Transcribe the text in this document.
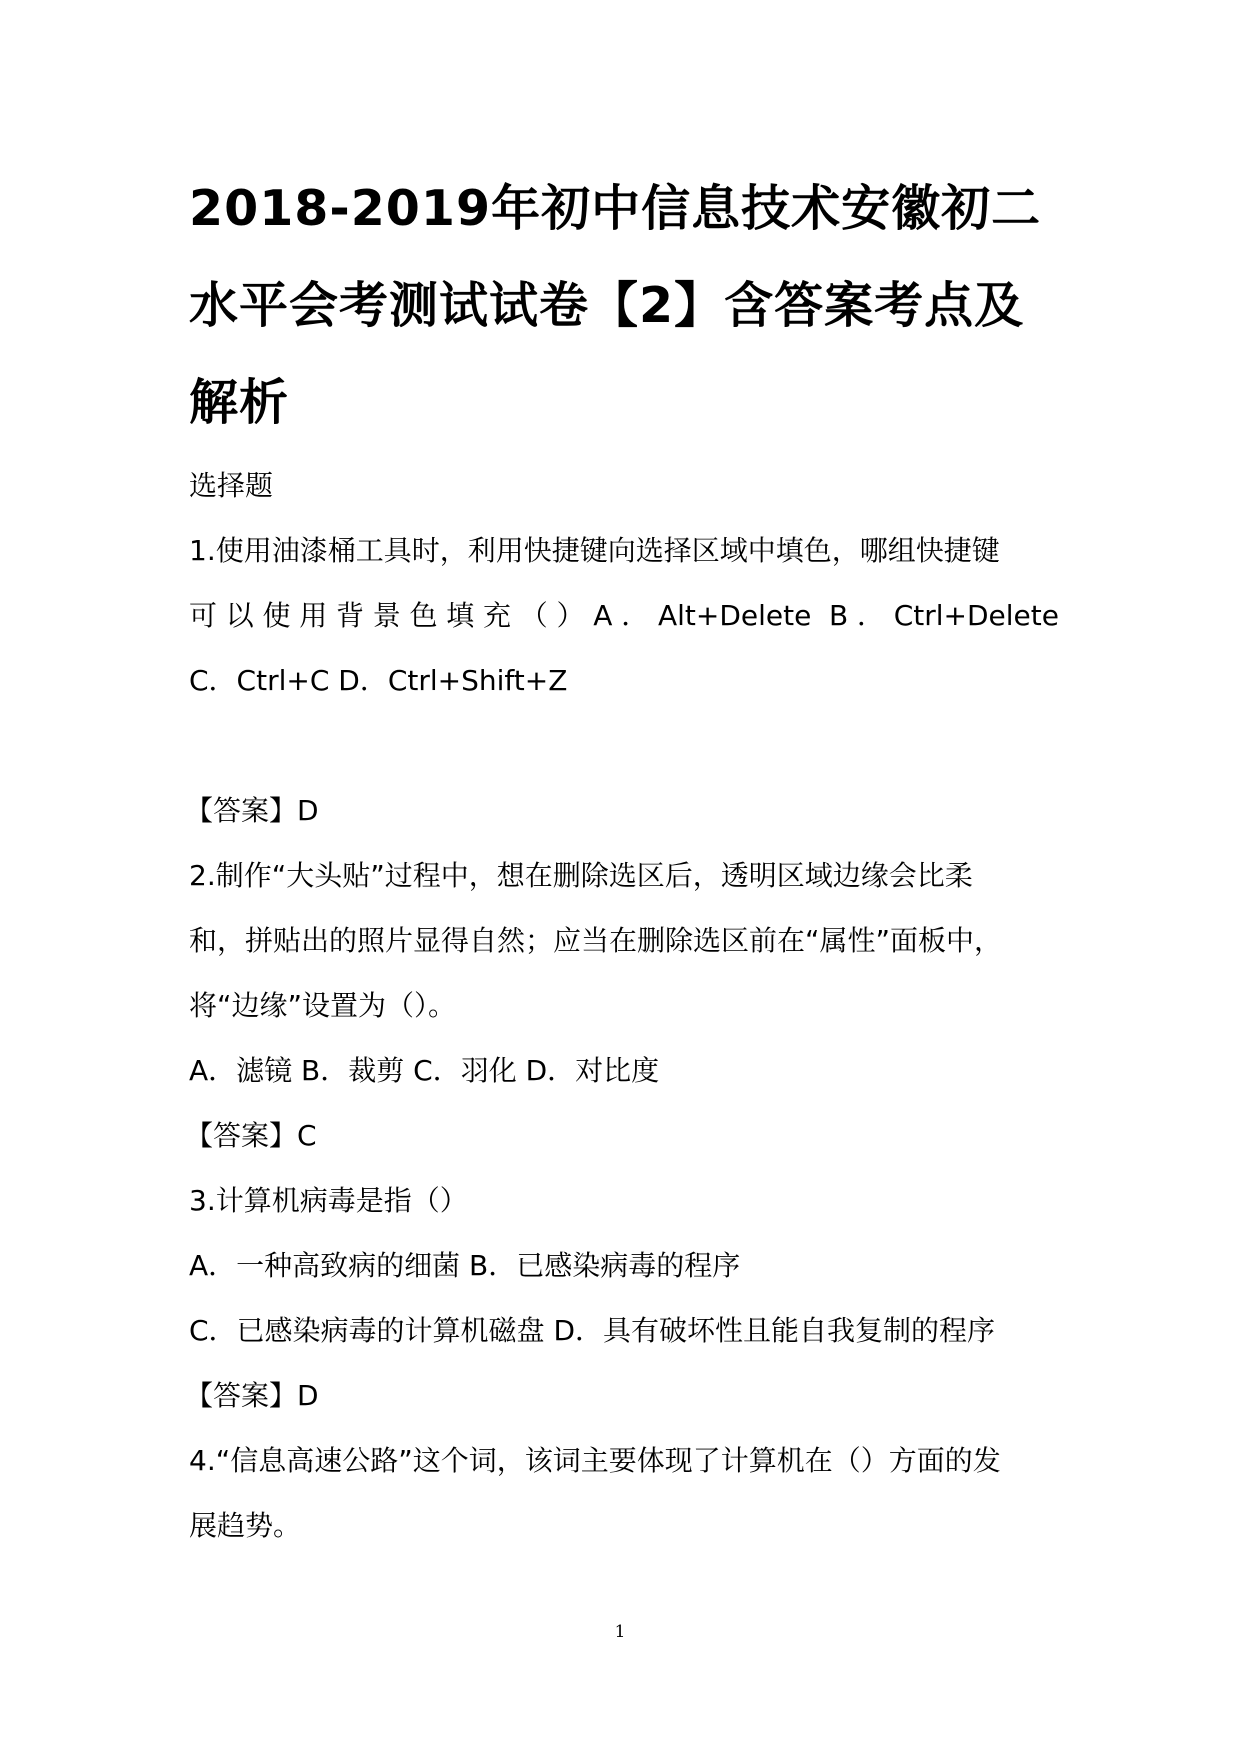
2018-2019年初中信息技术安徽初二
水平会考测试试卷【2】含答案考点及
解析

选择题

1.使用油漆桶工具时，利用快捷键向选择区域中填色，哪组快捷键

可以使用背景色填充（）A．Alt+Delete B．Ctrl+Delete

C．Ctrl+C D．Ctrl+Shift+Z

【答案】D

2.制作“大头贴”过程中，想在删除选区后，透明区域边缘会比柔

和，拼贴出的照片显得自然；应当在删除选区前在“属性”面板中，

将“边缘”设置为（）。

A．滤镜 B．裁剪 C．羽化 D．对比度

【答案】C

3.计算机病毒是指（）

A．一种高致病的细菌 B．已感染病毒的程序

C．已感染病毒的计算机磁盘 D．具有破坏性且能自我复制的程序

【答案】D

4.“信息高速公路”这个词，该词主要体现了计算机在（）方面的发

展趋势。

1
